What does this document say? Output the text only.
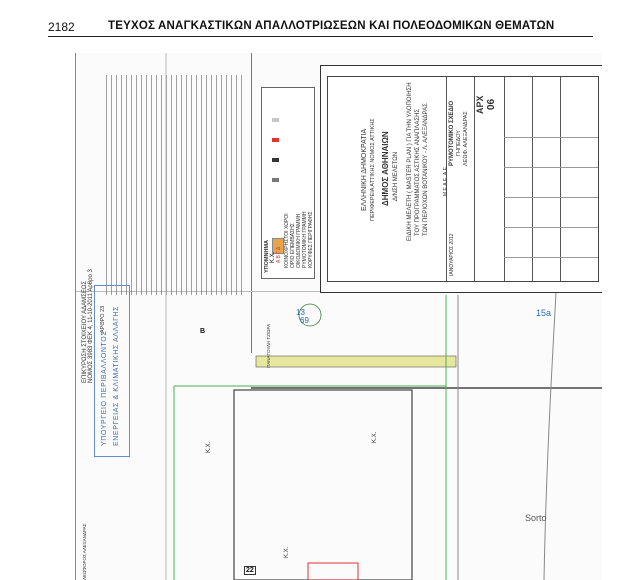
2182	ΤΕΥΧΟΣ ΑΝΑΓΚΑΣΤΙΚΩΝ ΑΠΑΛΛΟΤΡΙΩΣΕΩΝ ΚΑΙ ΠΟΛΕΟΔΟΜΙΚΩΝ ΘΕΜΑΤΩΝ
ΕΠΙΚΥΡΩΣΗ ΣΤΟΙΧΕΙΟΥ ΑΔΑΜΣΕΩΣ ΝΟΜΟΣ 3983 ΦΕΚ 4, 11-10-2011 Άρθρο 3 ΑΡΘΡΟ 23
ΥΠΟΥΡΓΕΙΟ ΠΕΡΙΒΑΛΛΟΝΤΟΣ ΕΝΕΡΓΕΙΑΣ & ΚΛΙΜΑΤΙΚΗΣ ΑΛΛΑΓΗΣ
ΥΠΟΜΝΗΜΑ	ΚΟΙΝΟΧΡΗΣΤΟΙ ΧΩΡΟΙ ΟΡΙΟ ΕΠΕΜΒΑΣΗΣ ΟΙΚΟΔΟΜΙΚΗ ΓΡΑΜΜΗ ΡΥΜΟΤΟΜΙΚΗ ΓΡΑΜΜΗ ΚΟΡΥΦΕΣ ΠΕΡΙΓΡΑΦΗΣ
Κ.Χ. Α Β Γ Δ
ΕΛΛΗΝΙΚΗ ΔΗΜΟΚΡΑΤΙΑ ΠΕΡΙΦΕΡΕΙΑ ΑΤΤΙΚΗΣ ΝΟΜΟΣ ΑΤΤΙΚΗΣ ΔΗΜΟΣ ΑΘΗΝΑΙΩΝ Δ/ΝΣΗ ΜΕΛΕΤΩΝ ΕΙΔΙΚΗ ΜΕΛΕΤΗ ( MASTER PLAN ) ΓΙΑ ΤΗΝ ΥΛΟΠΟΙΗΣΗ ΤΟΥ ΠΡΟΓΡΑΜΜΑΤΟΣ ΑΣΤΙΚΗΣ ΑΝΑΠΛΑΣΗΣ ΤΩΝ ΠΕΡΙΟΧΩΝ ΒΟΤΑΝΙΚΟΥ - Λ. ΑΛΕΞΑΝΔΡΑΣ	ΡΥΜΟΤΟΜΙΚΟ ΣΧΕΔΙΟ ΓΗΠΕΔΟΥ ΛΕΩΦ. ΑΛΕΞΑΝΔΡΑΣ
ΑΡΧ 06
ΙΑΝΟΥΑΡΙΟΣ 2012
Μ.Ε.Α.Ε. Α.Ε.
13
69
15a
Β	ΠΑΝΑΓΟΥΛΗ ΤΖΙΩΡΑ
Κ.Χ.
Κ.Χ.
Κ.Χ.
ΛΕΩΦΟΡΟΣ ΑΛΕΞΑΝΔΡΑΣ
Sorto
22
